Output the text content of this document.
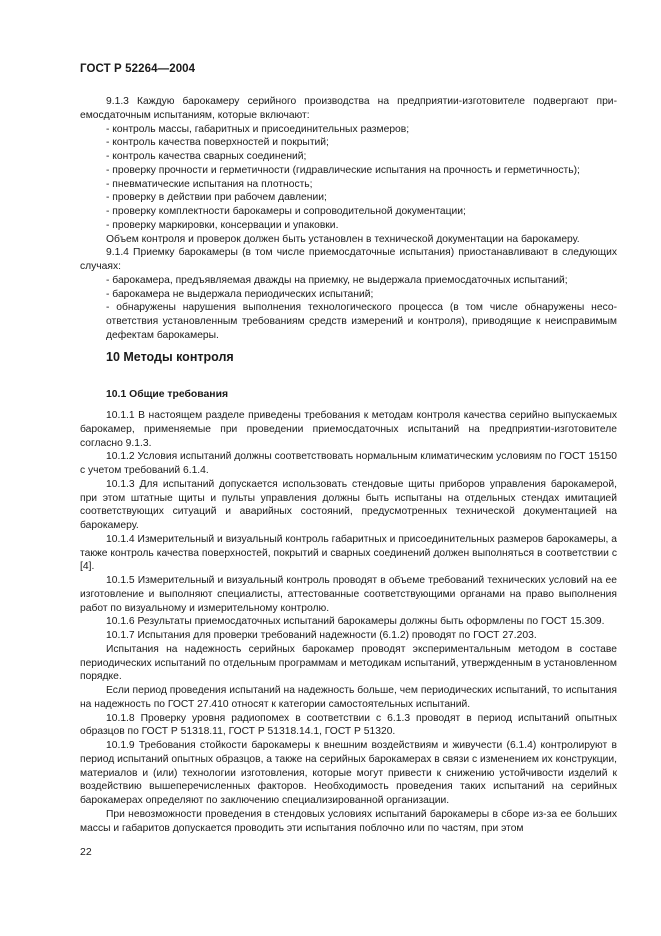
ГОСТ Р 52264—2004
9.1.3 Каждую барокамеру серийного производства на предприятии-изготовителе подвергают приемосдаточным испытаниям, которые включают:
- контроль массы, габаритных и присоединительных размеров;
- контроль качества поверхностей и покрытий;
- контроль качества сварных соединений;
- проверку прочности и герметичности (гидравлические испытания на прочность и герметичность);
- пневматические испытания на плотность;
- проверку в действии при рабочем давлении;
- проверку комплектности барокамеры и сопроводительной документации;
- проверку маркировки, консервации и упаковки.
Объем контроля и проверок должен быть установлен в технической документации на барокамеру.
9.1.4 Приемку барокамеры (в том числе приемосдаточные испытания) приостанавливают в следующих случаях:
- барокамера, предъявляемая дважды на приемку, не выдержала приемосдаточных испытаний;
- барокамера не выдержала периодических испытаний;
- обнаружены нарушения выполнения технологического процесса (в том числе обнаружены несоответствия установленным требованиям средств измерений и контроля), приводящие к неисправимым дефектам барокамеры.
10 Методы контроля
10.1 Общие требования
10.1.1 В настоящем разделе приведены требования к методам контроля качества серийно выпускаемых барокамер, применяемые при проведении приемосдаточных испытаний на предприятии-изготовителе согласно 9.1.3.
10.1.2 Условия испытаний должны соответствовать нормальным климатическим условиям по ГОСТ 15150 с учетом требований 6.1.4.
10.1.3 Для испытаний допускается использовать стендовые щиты приборов управления барокамерой, при этом штатные щиты и пульты управления должны быть испытаны на отдельных стендах имитацией соответствующих ситуаций и аварийных состояний, предусмотренных технической документацией на барокамеру.
10.1.4 Измерительный и визуальный контроль габаритных и присоединительных размеров барокамеры, а также контроль качества поверхностей, покрытий и сварных соединений должен выполняться в соответствии с [4].
10.1.5 Измерительный и визуальный контроль проводят в объеме требований технических условий на ее изготовление и выполняют специалисты, аттестованные соответствующими органами на право выполнения работ по визуальному и измерительному контролю.
10.1.6 Результаты приемосдаточных испытаний барокамеры должны быть оформлены по ГОСТ 15.309.
10.1.7 Испытания для проверки требований надежности (6.1.2) проводят по ГОСТ 27.203.
Испытания на надежность серийных барокамер проводят экспериментальным методом в составе периодических испытаний по отдельным программам и методикам испытаний, утвержденным в установленном порядке.
Если период проведения испытаний на надежность больше, чем периодических испытаний, то испытания на надежность по ГОСТ 27.410 относят к категории самостоятельных испытаний.
10.1.8 Проверку уровня радиопомех в соответствии с 6.1.3 проводят в период испытаний опытных образцов по ГОСТ Р 51318.11, ГОСТ Р 51318.14.1, ГОСТ Р 51320.
10.1.9 Требования стойкости барокамеры к внешним воздействиям и живучести (6.1.4) контролируют в период испытаний опытных образцов, а также на серийных барокамерах в связи с изменением их конструкции, материалов и (или) технологии изготовления, которые могут привести к снижению устойчивости изделий к воздействию вышеперечисленных факторов. Необходимость проведения таких испытаний на серийных барокамерах определяют по заключению специализированной организации.
При невозможности проведения в стендовых условиях испытаний барокамеры в сборе из-за ее больших массы и габаритов допускается проводить эти испытания поблочно или по частям, при этом
22
